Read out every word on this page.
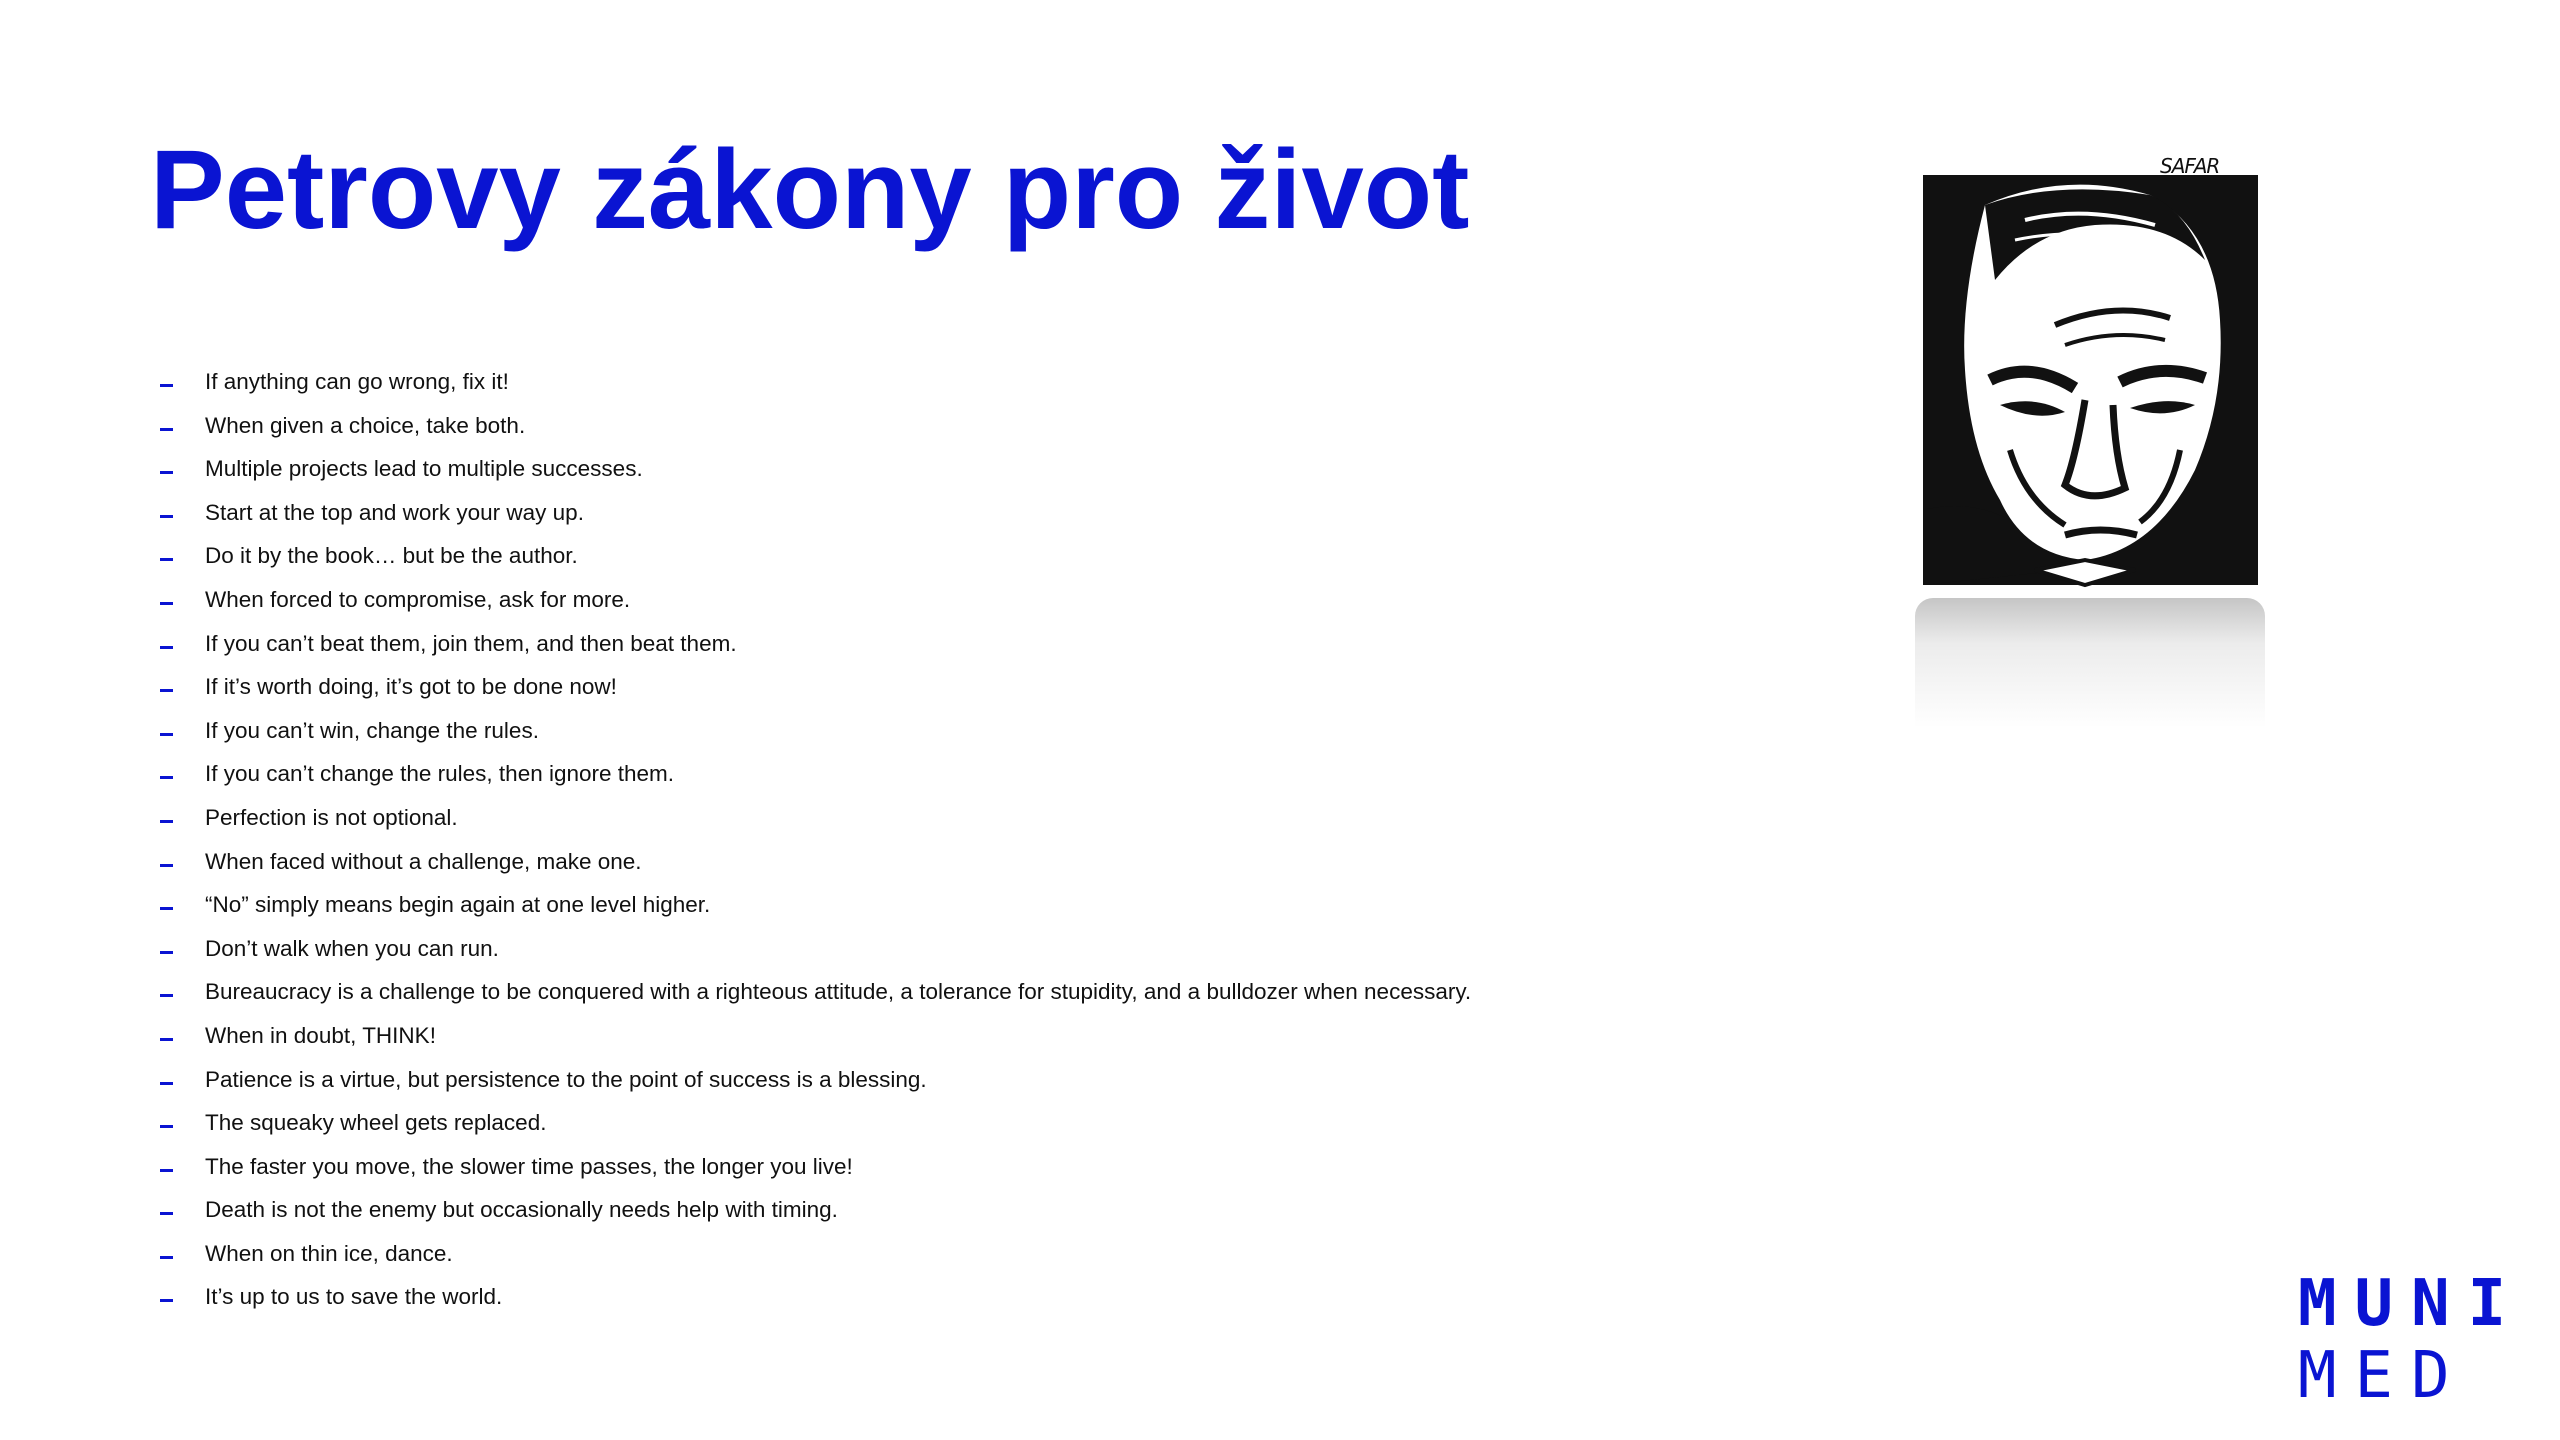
Petrovy zákony pro život
If anything can go wrong, fix it!
When given a choice, take both.
Multiple projects lead to multiple successes.
Start at the top and work your way up.
Do it by the book… but be the author.
When forced to compromise, ask for more.
If you can’t beat them, join them, and then beat them.
If it’s worth doing, it’s got to be done now!
If you can’t win, change the rules.
If you can’t change the rules, then ignore them.
Perfection is not optional.
When faced without a challenge, make one.
“No” simply means begin again at one level higher.
Don’t walk when you can run.
Bureaucracy is a challenge to be conquered with a righteous attitude, a tolerance for stupidity, and a bulldozer when necessary.
When in doubt, THINK!
Patience is a virtue, but persistence to the point of success is a blessing.
The squeaky wheel gets replaced.
The faster you move, the slower time passes, the longer you live!
Death is not the enemy but occasionally needs help with timing.
When on thin ice, dance.
It’s up to us to save the world.
SAFAR
MUNI
MED
